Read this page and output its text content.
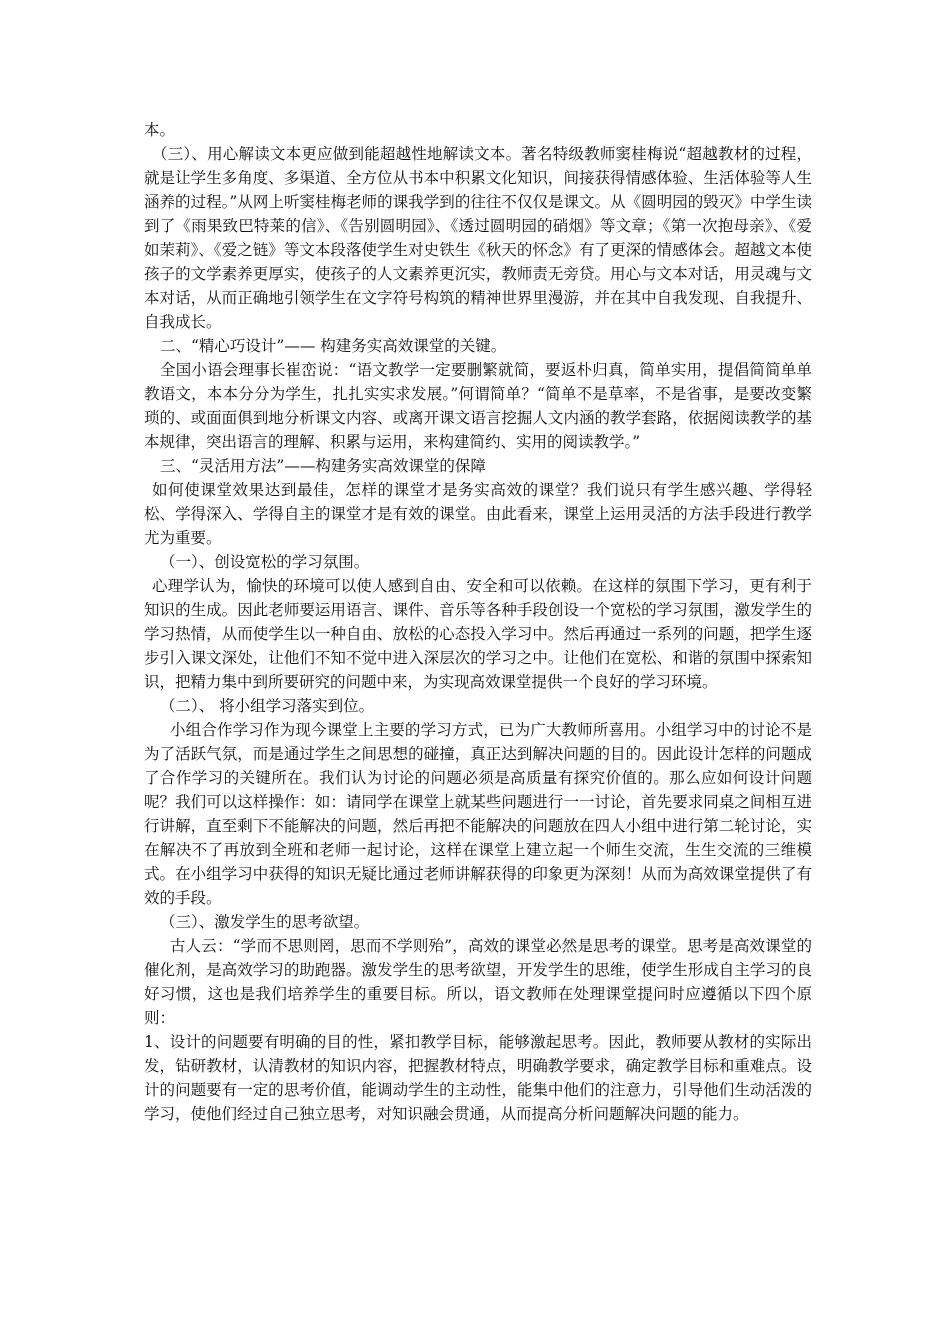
本。

（三）、用心解读文本更应做到能超越性地解读文本。著名特级教师窦桂梅说“超越教材的过程，就是让学生多角度、多渠道、全方位从书本中积累文化知识，间接获得情感体验、生活体验等人生涵养的过程。”从网上听窦桂梅老师的课我学到的往往不仅仅是课文。从《圆明园的毁灭》中学生读到了《雨果致巴特莱的信》、《告别圆明园》、《透过圆明园的硝烟》等文章；《第一次抱母亲》、《爱如茉莉》、《爱之链》等文本段落使学生对史铁生《秋天的怀念》有了更深的情感体会。超越文本使孩子的文学素养更厚实，使孩子的人文素养更沉实，教师责无旁贷。用心与文本对话，用灵魂与文本对话，从而正确地引领学生在文字符号构筑的精神世界里漫游，并在其中自我发现、自我提升、自我成长。

二、“精心巧设计”—— 构建务实高效课堂的关键。

全国小语会理事长崔峦说：“语文教学一定要删繁就简，要返朴归真，简单实用，提倡简简单单教语文，本本分分为学生，扎扎实实求发展。”何谓简单？“简单不是草率，不是省事，是要改变繁琐的、或面面俱到地分析课文内容、或离开课文语言挖掘人文内涵的教学套路，依据阅读教学的基本规律，突出语言的理解、积累与运用，来构建简约、实用的阅读教学。”

三、“灵活用方法”——构建务实高效课堂的保障

如何使课堂效果达到最佳，怎样的课堂才是务实高效的课堂？我们说只有学生感兴趣、学得轻松、学得深入、学得自主的课堂才是有效的课堂。由此看来，课堂上运用灵活的方法手段进行教学尤为重要。

（一）、创设宽松的学习氛围。

心理学认为，愉快的环境可以使人感到自由、安全和可以依赖。在这样的氛围下学习，更有利于知识的生成。因此老师要运用语言、课件、音乐等各种手段创设一个宽松的学习氛围，激发学生的学习热情，从而使学生以一种自由、放松的心态投入学习中。然后再通过一系列的问题，把学生逐步引入课文深处，让他们不知不觉中进入深层次的学习之中。让他们在宽松、和谐的氛围中探索知识，把精力集中到所要研究的问题中来，为实现高效课堂提供一个良好的学习环境。

（二）、 将小组学习落实到位。

小组合作学习作为现今课堂上主要的学习方式，已为广大教师所喜用。小组学习中的讨论不是为了活跃气氛，而是通过学生之间思想的碰撞，真正达到解决问题的目的。因此设计怎样的问题成了合作学习的关键所在。我们认为讨论的问题必须是高质量有探究价值的。那么应如何设计问题呢？我们可以这样操作：如：请同学在课堂上就某些问题进行一一讨论，首先要求同桌之间相互进行讲解，直至剩下不能解决的问题，然后再把不能解决的问题放在四人小组中进行第二轮讨论，实在解决不了再放到全班和老师一起讨论，这样在课堂上建立起一个师生交流，生生交流的三维模式。在小组学习中获得的知识无疑比通过老师讲解获得的印象更为深刻！从而为高效课堂提供了有效的手段。

（三）、激发学生的思考欲望。

古人云：“学而不思则罔，思而不学则殆”，高效的课堂必然是思考的课堂。思考是高效课堂的催化剂，是高效学习的助跑器。激发学生的思考欲望，开发学生的思维，使学生形成自主学习的良好习惯，这也是我们培养学生的重要目标。所以，语文教师在处理课堂提问时应遵循以下四个原则：

1、设计的问题要有明确的目的性，紧扣教学目标，能够激起思考。因此，教师要从教材的实际出发，钻研教材，认清教材的知识内容，把握教材特点，明确教学要求，确定教学目标和重难点。设计的问题要有一定的思考价值，能调动学生的主动性，能集中他们的注意力，引导他们生动活泼的学习，使他们经过自己独立思考，对知识融会贯通，从而提高分析问题解决问题的能力。
